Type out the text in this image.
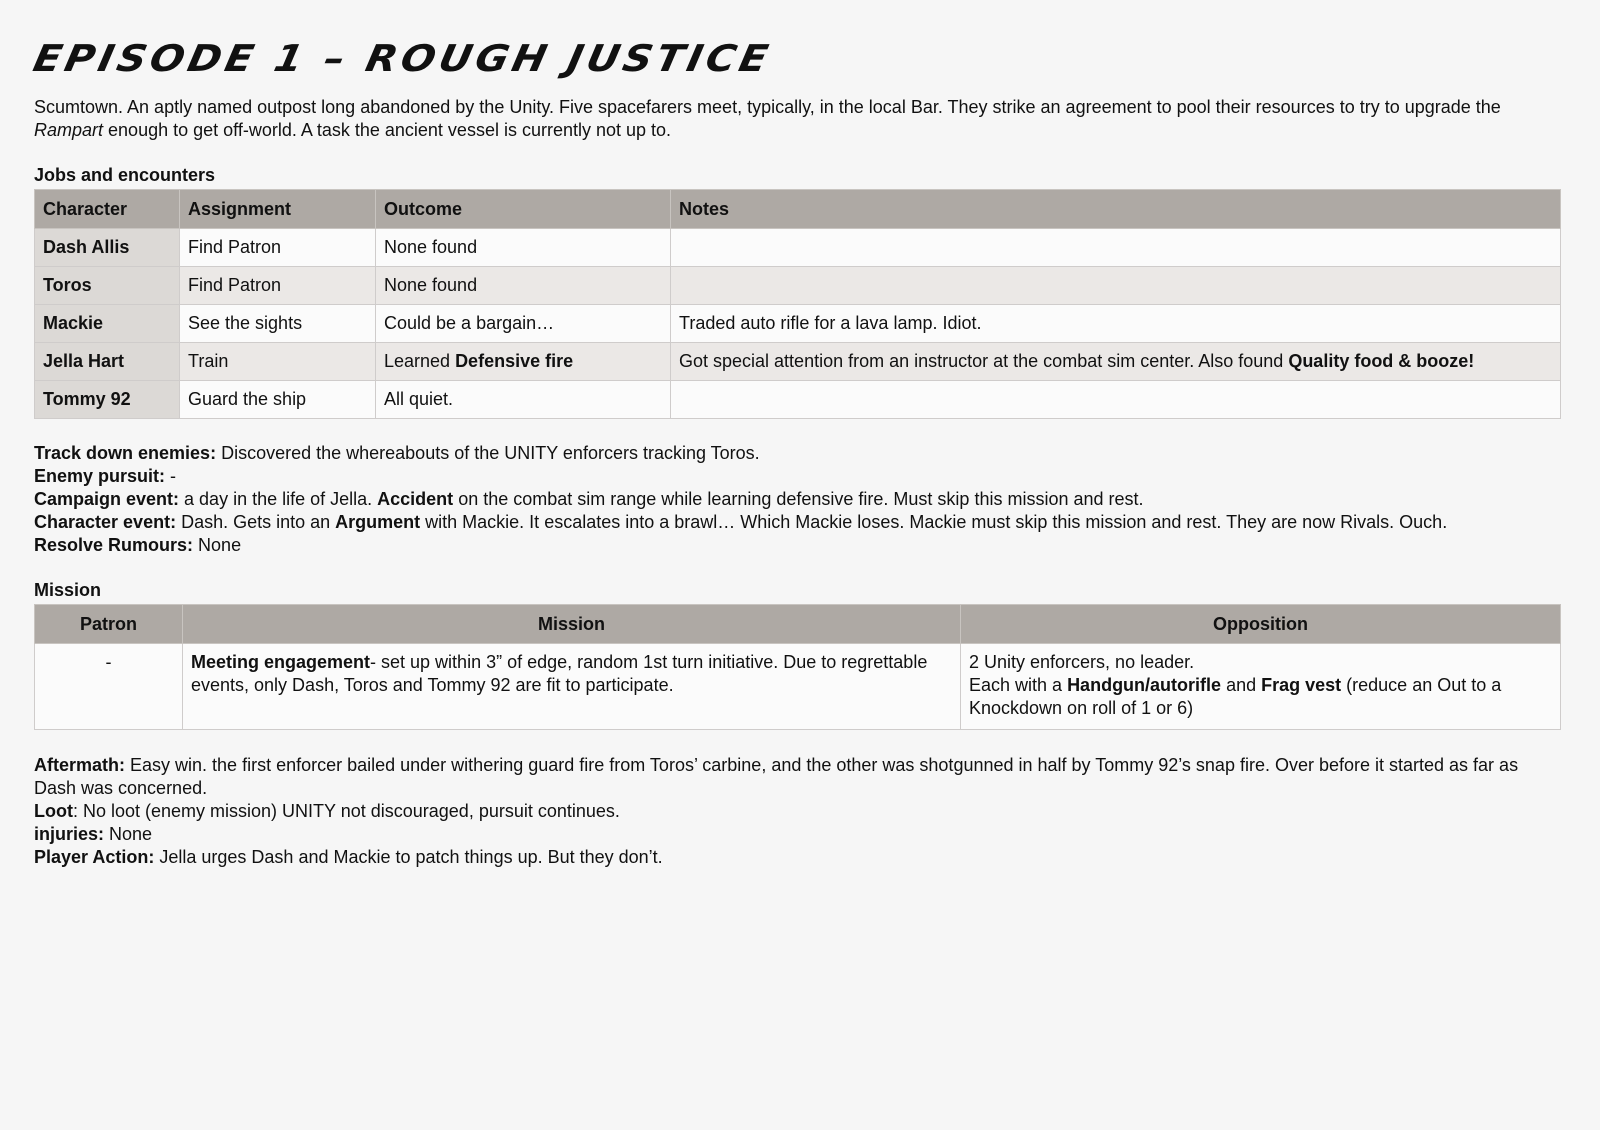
EPISODE 1 – ROUGH JUSTICE

Scumtown. An aptly named outpost long abandoned by the Unity. Five spacefarers meet, typically, in the local Bar. They strike an agreement to pool their resources to try to upgrade the Rampart enough to get off-world. A task the ancient vessel is currently not up to.

Jobs and encounters
Character	Assignment	Outcome	Notes
Dash Allis	Find Patron	None found	
Toros	Find Patron	None found	
Mackie	See the sights	Could be a bargain…	Traded auto rifle for a lava lamp. Idiot.
Jella Hart	Train	Learned Defensive fire	Got special attention from an instructor at the combat sim center. Also found Quality food & booze!
Tommy 92	Guard the ship	All quiet.	

Track down enemies: Discovered the whereabouts of the UNITY enforcers tracking Toros.

Enemy pursuit: -

Campaign event: a day in the life of Jella. Accident on the combat sim range while learning defensive fire. Must skip this mission and rest.

Character event: Dash. Gets into an Argument with Mackie. It escalates into a brawl… Which Mackie loses. Mackie must skip this mission and rest. They are now Rivals. Ouch.

Resolve Rumours: None

Mission
Patron	Mission	Opposition
-	Meeting engagement- set up within 3” of edge, random 1st turn initiative. Due to regrettable events, only Dash, Toros and Tommy 92 are fit to participate.	2 Unity enforcers, no leader.
Each with a Handgun/autorifle and Frag vest (reduce an Out to a Knockdown on roll of 1 or 6)

Aftermath: Easy win. the first enforcer bailed under withering guard fire from Toros’ carbine, and the other was shotgunned in half by Tommy 92’s snap fire. Over before it started as far as Dash was concerned.

Loot: No loot (enemy mission) UNITY not discouraged, pursuit continues.

injuries: None

Player Action: Jella urges Dash and Mackie to patch things up. But they don’t.
